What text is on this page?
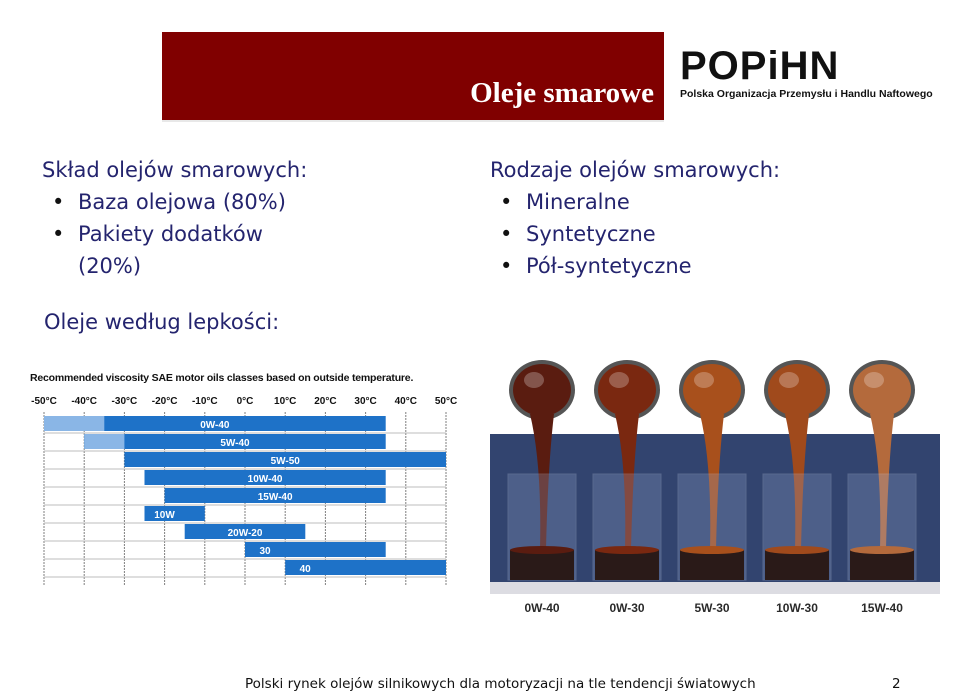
Oleje smarowe
POPiHN
Polska Organizacja Przemysłu i Handlu Naftowego

Skład olejów smarowych:

• Baza olejowa (80%)
• Pakiety dodatków (20%)

Rodzaje olejów smarowych:

• Mineralne
• Syntetyczne
• Pół-syntetyczne
Oleje według lepkości:
Recommended viscosity SAE motor oils classes based on outside temperature.
-50°C -40°C -30°C -20°C -10°C 0°C 10°C 20°C 30°C 40°C 50°C
0W-40
5W-40
5W-50
10W-40
15W-40
10W
20W-20
30
40
0W-40	0W-30	5W-30	10W-30	15W-40
Polski rynek olejów silnikowych dla motoryzacji na tle tendencji światowych	2
